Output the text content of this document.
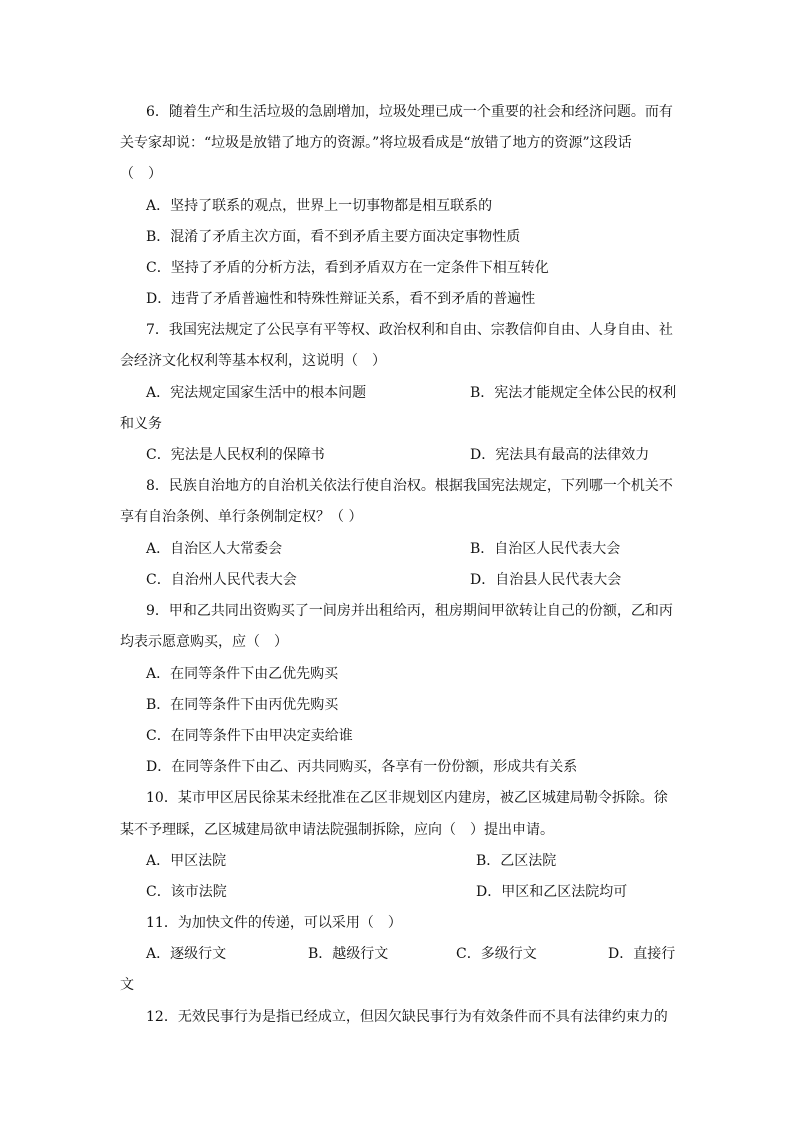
6．随着生产和生活垃圾的急剧增加，垃圾处理已成一个重要的社会和经济问题。而有
关专家却说：“垃圾是放错了地方的资源。”将垃圾看成是“放错了地方的资源”这段话
（　）
A．坚持了联系的观点，世界上一切事物都是相互联系的
B．混淆了矛盾主次方面，看不到矛盾主要方面决定事物性质
C．坚持了矛盾的分析方法，看到矛盾双方在一定条件下相互转化
D．违背了矛盾普遍性和特殊性辩证关系，看不到矛盾的普遍性
7．我国宪法规定了公民享有平等权、政治权利和自由、宗教信仰自由、人身自由、社
会经济文化权利等基本权利，这说明（　）
A．宪法规定国家生活中的根本问题	B．宪法才能规定全体公民的权利
和义务
C．宪法是人民权利的保障书	D．宪法具有最高的法律效力
8．民族自治地方的自治机关依法行使自治权。根据我国宪法规定，下列哪一个机关不
享有自治条例、单行条例制定权？（ ）
A．自治区人大常委会	B．自治区人民代表大会
C．自治州人民代表大会	D．自治县人民代表大会
9．甲和乙共同出资购买了一间房并出租给丙，租房期间甲欲转让自己的份额，乙和丙
均表示愿意购买，应（　）
A．在同等条件下由乙优先购买
B．在同等条件下由丙优先购买
C．在同等条件下由甲决定卖给谁
D．在同等条件下由乙、丙共同购买，各享有一份份额，形成共有关系
10．某市甲区居民徐某未经批准在乙区非规划区内建房，被乙区城建局勒令拆除。徐
某不予理睬，乙区城建局欲申请法院强制拆除，应向（　）提出申请。
A．甲区法院	B．乙区法院
C．该市法院	D．甲区和乙区法院均可
11．为加快文件的传递，可以采用（　）
A．逐级行文	B．越级行文	C．多级行文	D．直接行
文
12．无效民事行为是指已经成立，但因欠缺民事行为有效条件而不具有法律约束力的
